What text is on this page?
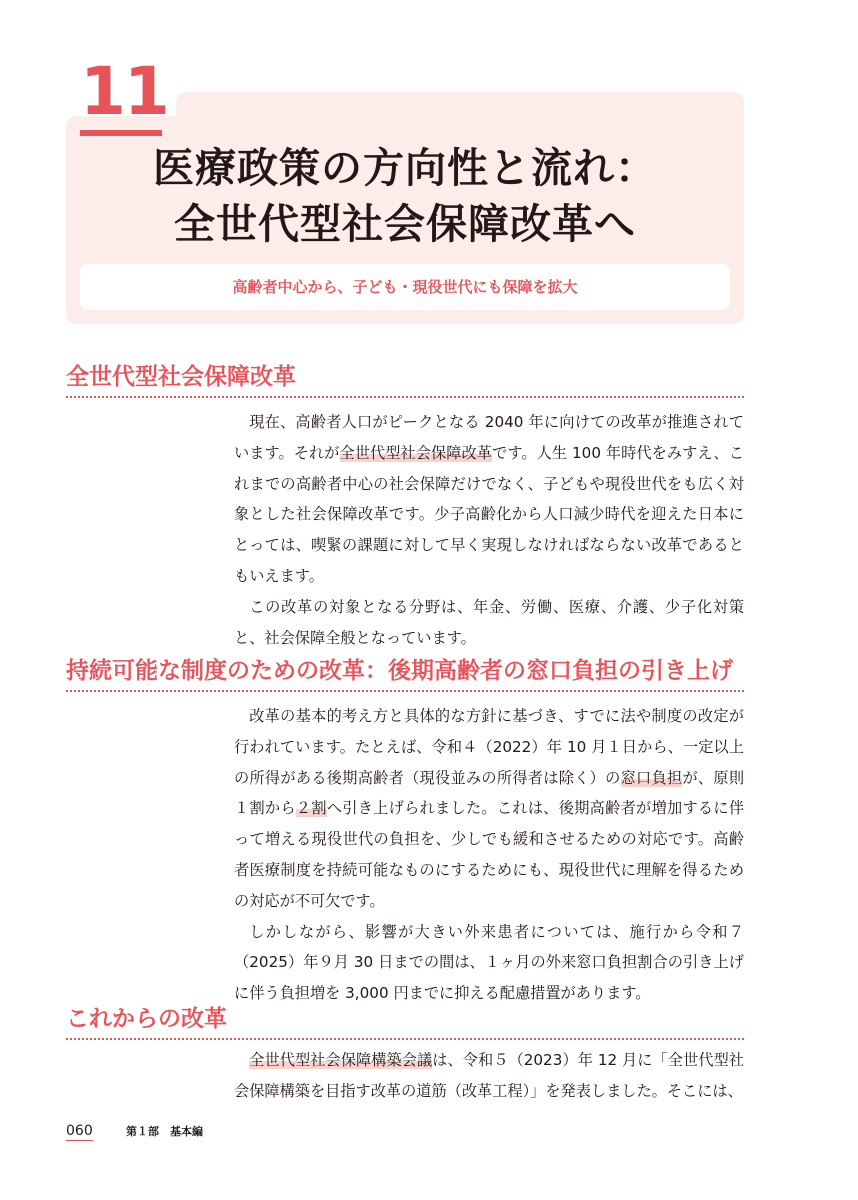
11
医療政策の方向性と流れ：
全世代型社会保障改革へ
高齢者中心から、子ども・現役世代にも保障を拡大
全世代型社会保障改革

現在、高齢者人口がピークとなる 2040 年に向けての改革が推進されています。それが全世代型社会保障改革です。人生 100 年時代をみすえ、これまでの高齢者中心の社会保障だけでなく、子どもや現役世代をも広く対象とした社会保障改革です。少子高齢化から人口減少時代を迎えた日本にとっては、喫緊の課題に対して早く実現しなければならない改革であるともいえます。

この改革の対象となる分野は、年金、労働、医療、介護、少子化対策と、社会保障全般となっています。

持続可能な制度のための改革：後期高齢者の窓口負担の引き上げ

改革の基本的考え方と具体的な方針に基づき、すでに法や制度の改定が行われています。たとえば、令和４（2022）年 10 月１日から、一定以上の所得がある後期高齢者（現役並みの所得者は除く）の窓口負担が、原則１割から２割へ引き上げられました。これは、後期高齢者が増加するに伴って増える現役世代の負担を、少しでも緩和させるための対応です。高齢者医療制度を持続可能なものにするためにも、現役世代に理解を得るための対応が不可欠です。

しかしながら、影響が大きい外来患者については、施行から令和７（2025）年９月 30 日までの間は、１ヶ月の外来窓口負担割合の引き上げに伴う負担増を 3,000 円までに抑える配慮措置があります。

これからの改革

全世代型社会保障構築会議は、令和５（2023）年 12 月に「全世代型社会保障構築を目指す改革の道筋（改革工程）」を発表しました。そこには、

060	第１部　基本編
